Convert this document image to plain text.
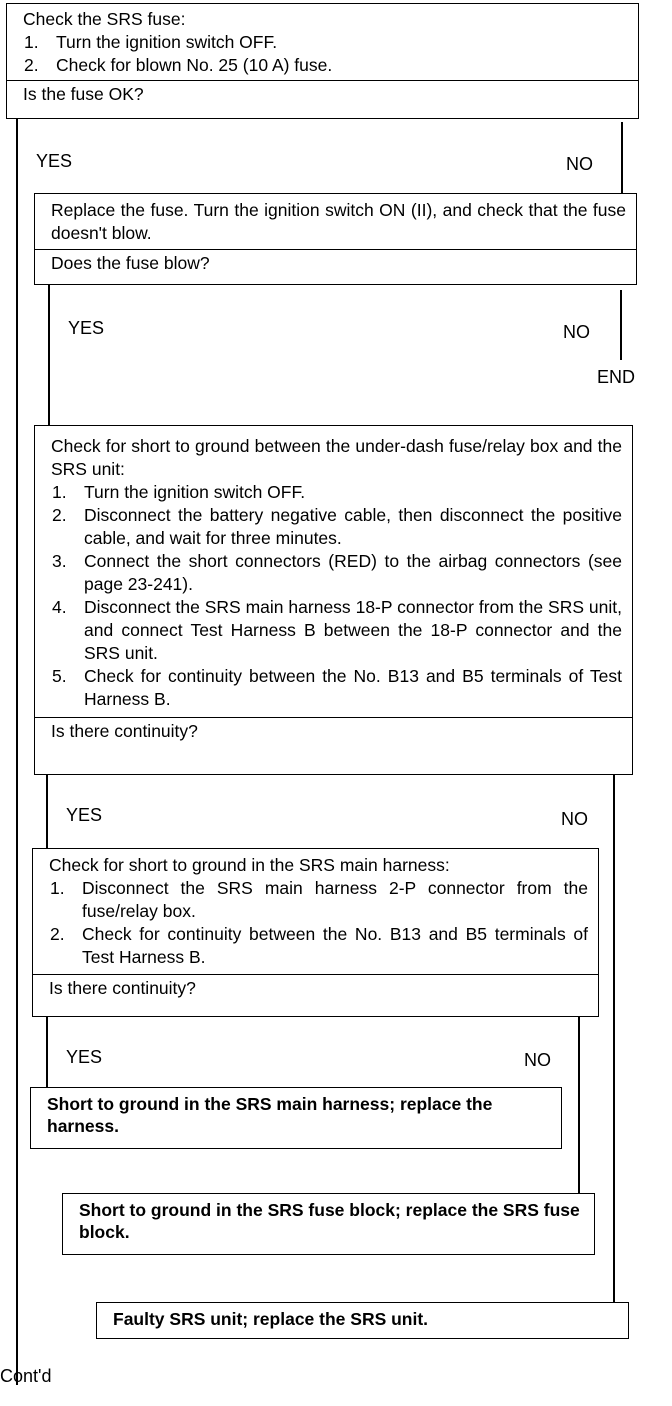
Check the SRS fuse:
1. Turn the ignition switch OFF.
2. Check for blown No. 25 (10 A) fuse.
Is the fuse OK?
YES	NO
Replace the fuse. Turn the ignition switch ON (II), and check that the fuse doesn't blow.
Does the fuse blow?
YES	NO
END
Check for short to ground between the under-dash fuse/relay box and the SRS unit:
1. Turn the ignition switch OFF.
2. Disconnect the battery negative cable, then disconnect the positive cable, and wait for three minutes.
3. Connect the short connectors (RED) to the airbag connectors (see page 23-241).
4. Disconnect the SRS main harness 18-P connector from the SRS unit, and connect Test Harness B between the 18-P connector and the SRS unit.
5. Check for continuity between the No. B13 and B5 terminals of Test Harness B.
Is there continuity?
YES	NO
Check for short to ground in the SRS main harness:
1. Disconnect the SRS main harness 2-P connector from the fuse/relay box.
2. Check for continuity between the No. B13 and B5 terminals of Test Harness B.
Is there continuity?
YES	NO
Short to ground in the SRS main harness; replace the harness.
Short to ground in the SRS fuse block; replace the SRS fuse block.
Faulty SRS unit; replace the SRS unit.
Cont'd
